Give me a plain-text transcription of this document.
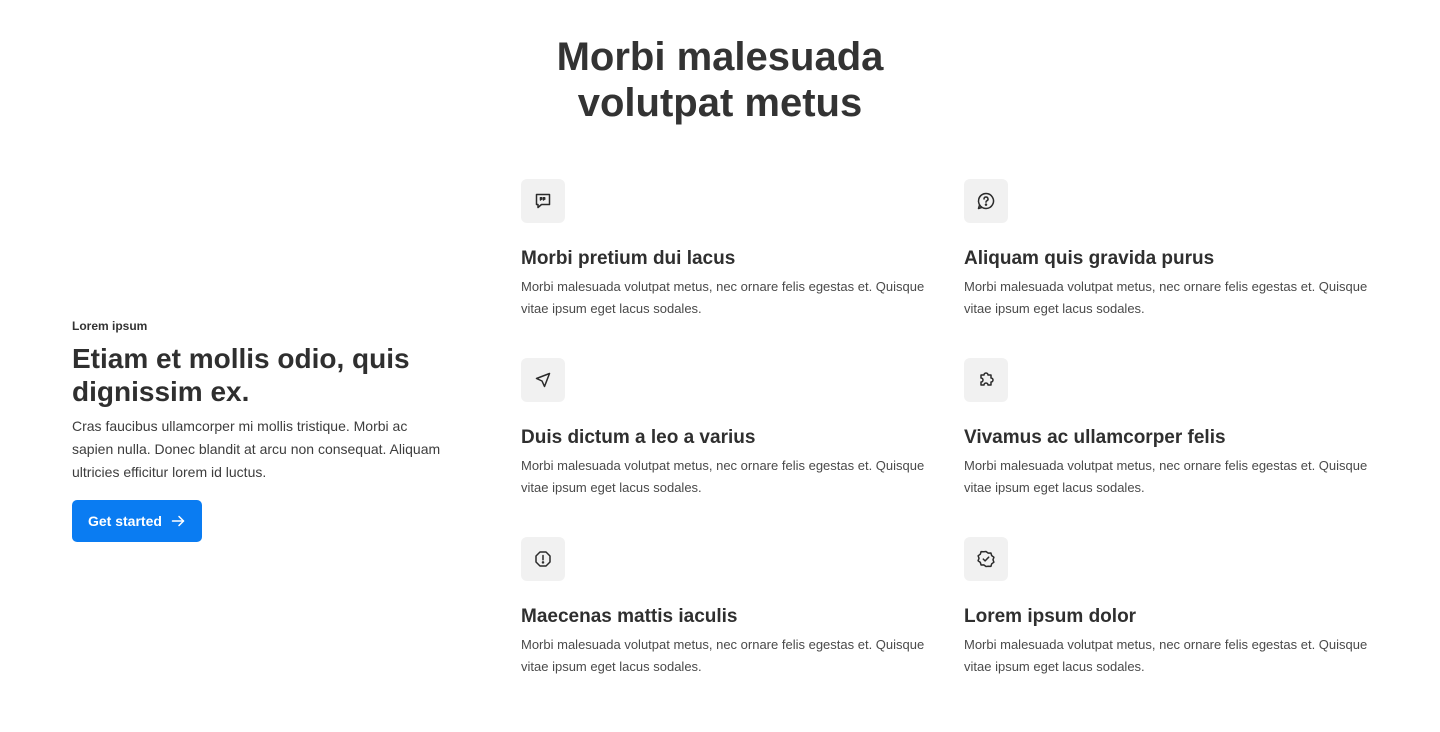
Morbi malesuada
volutpat metus
Lorem ipsum
Etiam et mollis odio, quis dignissim ex.

Cras faucibus ullamcorper mi mollis tristique. Morbi ac sapien nulla. Donec blandit at arcu non consequat. Aliquam ultricies efficitur lorem id luctus.

Get started
Morbi pretium dui lacus

Morbi malesuada volutpat metus, nec ornare felis egestas et. Quisque vitae ipsum eget lacus sodales.

Aliquam quis gravida purus

Morbi malesuada volutpat metus, nec ornare felis egestas et. Quisque vitae ipsum eget lacus sodales.

Duis dictum a leo a varius

Morbi malesuada volutpat metus, nec ornare felis egestas et. Quisque vitae ipsum eget lacus sodales.

Vivamus ac ullamcorper felis

Morbi malesuada volutpat metus, nec ornare felis egestas et. Quisque vitae ipsum eget lacus sodales.

Maecenas mattis iaculis

Morbi malesuada volutpat metus, nec ornare felis egestas et. Quisque vitae ipsum eget lacus sodales.

Lorem ipsum dolor

Morbi malesuada volutpat metus, nec ornare felis egestas et. Quisque vitae ipsum eget lacus sodales.
